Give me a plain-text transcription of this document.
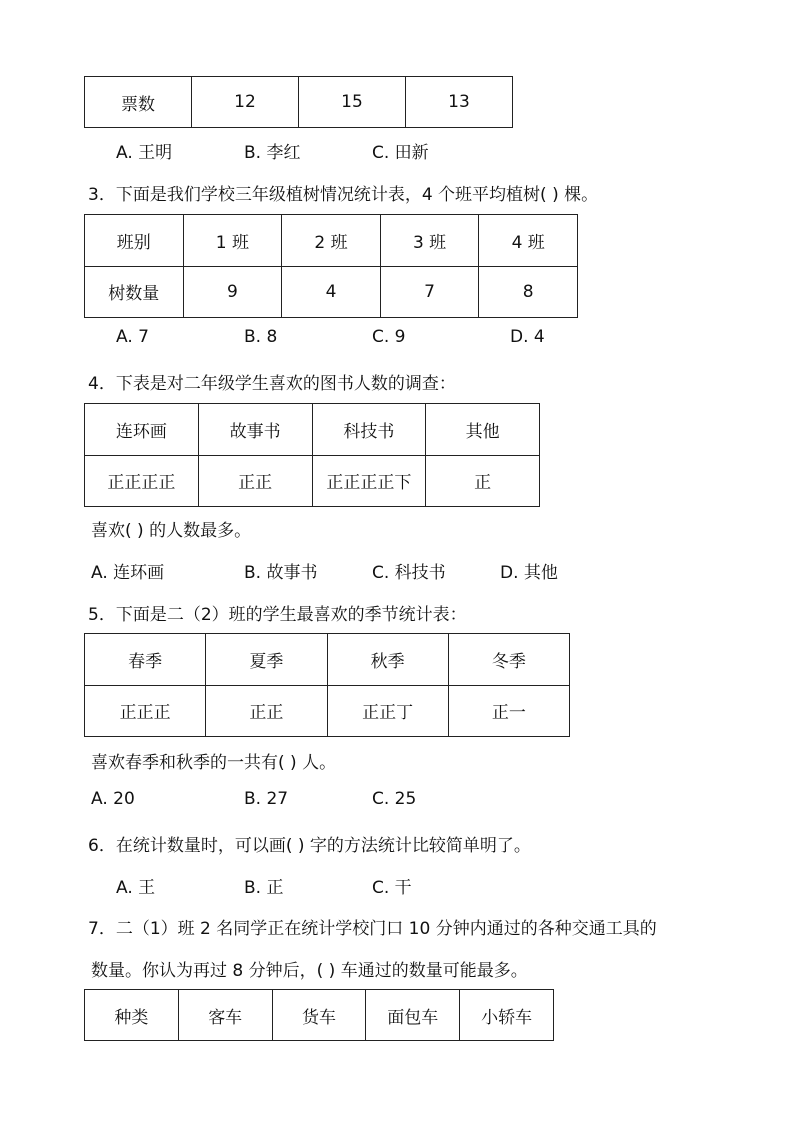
票数	12	15	13
A. 王明	B. 李红	C. 田新
3．下面是我们学校三年级植树情况统计表，4 个班平均植树( ) 棵。
班别	1 班	2 班	3 班	4 班
树数量	9	4	7	8
A. 7	B. 8	C. 9	D. 4
4．下表是对二年级学生喜欢的图书人数的调查：
连环画	故事书	科技书	其他
正正正正	正正	正正正正下	正
喜欢( ) 的人数最多。
A. 连环画	B. 故事书	C. 科技书	D. 其他
5．下面是二（2）班的学生最喜欢的季节统计表：
春季	夏季	秋季	冬季
正正正	正正	正正丁	正一
喜欢春季和秋季的一共有( ) 人。
A. 20	B. 27	C. 25
6．在统计数量时，可以画( ) 字的方法统计比较简单明了。
A. 王	B. 正	C. 干
7．二（1）班 2 名同学正在统计学校门口 10 分钟内通过的各种交通工具的
数量。你认为再过 8 分钟后，( ) 车通过的数量可能最多。
种类	客车	货车	面包车	小轿车
